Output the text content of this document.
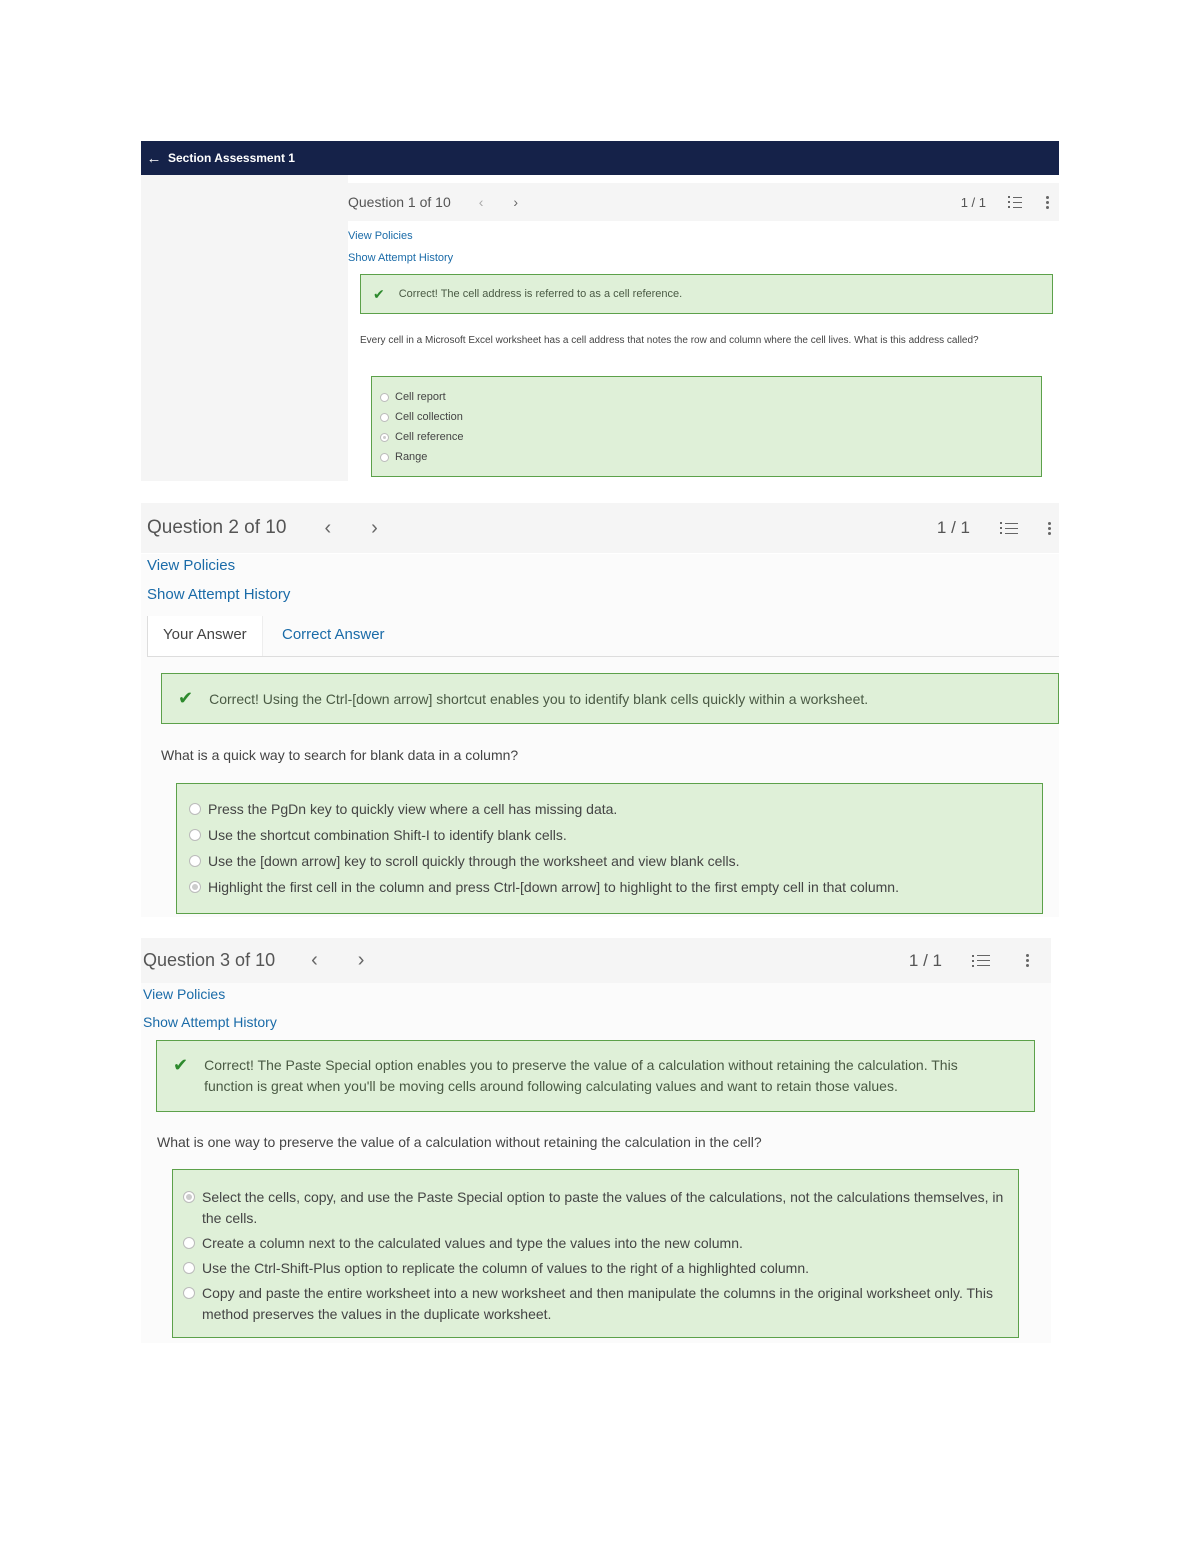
← Section Assessment 1
Question 1 of 10 ‹ ›	1 / 1
View Policies
Show Attempt History
✔ Correct! The cell address is referred to as a cell reference.
Every cell in a Microsoft Excel worksheet has a cell address that notes the row and column where the cell lives. What is this address called?
Cell report
Cell collection
Cell reference
Range
Question 2 of 10 ‹ ›	1 / 1
View Policies
Show Attempt History
Your Answer	Correct Answer
✔ Correct! Using the Ctrl-[down arrow] shortcut enables you to identify blank cells quickly within a worksheet.
What is a quick way to search for blank data in a column?
Press the PgDn key to quickly view where a cell has missing data.
Use the shortcut combination Shift-I to identify blank cells.
Use the [down arrow] key to scroll quickly through the worksheet and view blank cells.
Highlight the first cell in the column and press Ctrl-[down arrow] to highlight to the first empty cell in that column.
Question 3 of 10 ‹ ›	1 / 1
View Policies
Show Attempt History
✔ Correct! The Paste Special option enables you to preserve the value of a calculation without retaining the calculation. This function is great when you'll be moving cells around following calculating values and want to retain those values.
What is one way to preserve the value of a calculation without retaining the calculation in the cell?
Select the cells, copy, and use the Paste Special option to paste the values of the calculations, not the calculations themselves, in the cells.
Create a column next to the calculated values and type the values into the new column.
Use the Ctrl-Shift-Plus option to replicate the column of values to the right of a highlighted column.
Copy and paste the entire worksheet into a new worksheet and then manipulate the columns in the original worksheet only. This method preserves the values in the duplicate worksheet.
